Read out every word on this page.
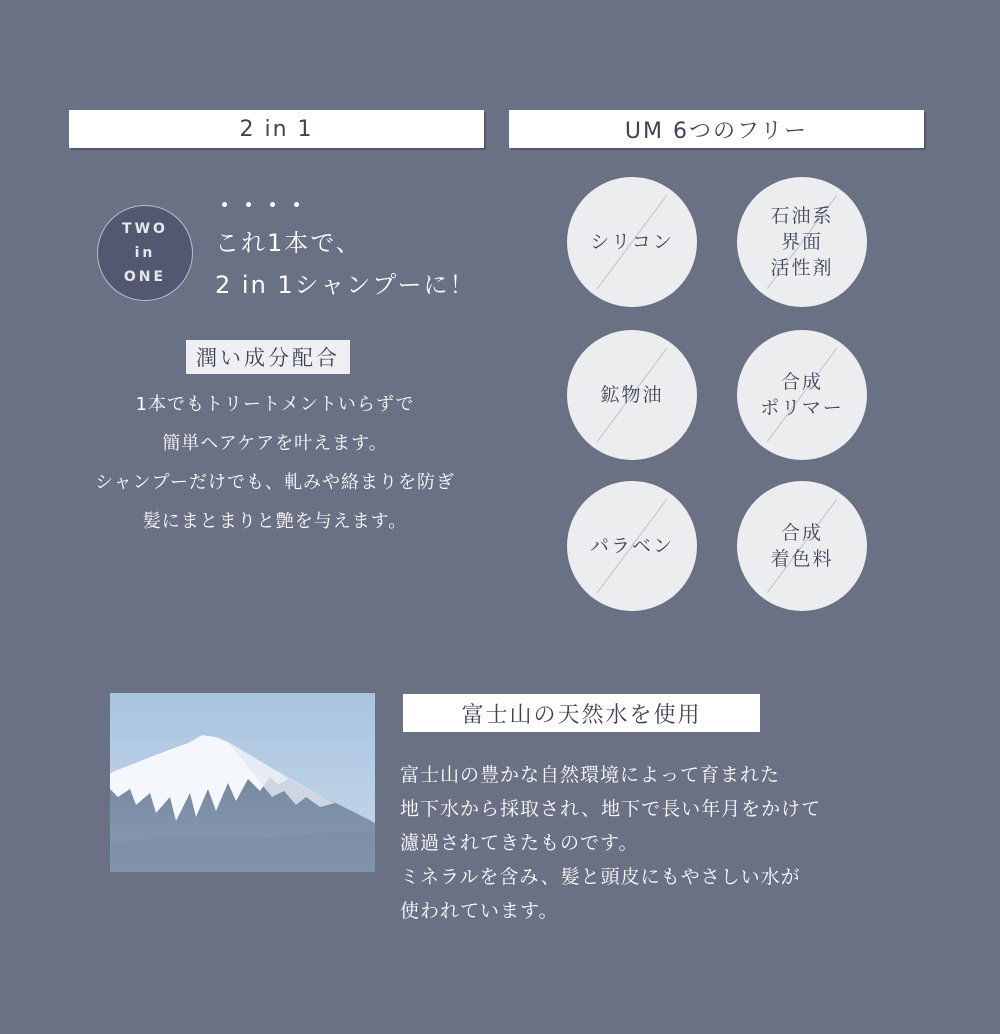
2 in 1	UM 6つのフリー
TWO
in
ONE
これ1本で、
2 in 1シャンプーに！
潤い成分配合
1本でもトリートメントいらずで
簡単ヘアケアを叶えます。
シャンプーだけでも、軋みや絡まりを防ぎ
髪にまとまりと艶を与えます。
シリコン
石油系
界面
活性剤
鉱物油
合成
ポリマー
パラベン
合成
着色料
富士山の天然水を使用
富士山の豊かな自然環境によって育まれた
地下水から採取され、地下で長い年月をかけて
濾過されてきたものです。
ミネラルを含み、髪と頭皮にもやさしい水が
使われています。
